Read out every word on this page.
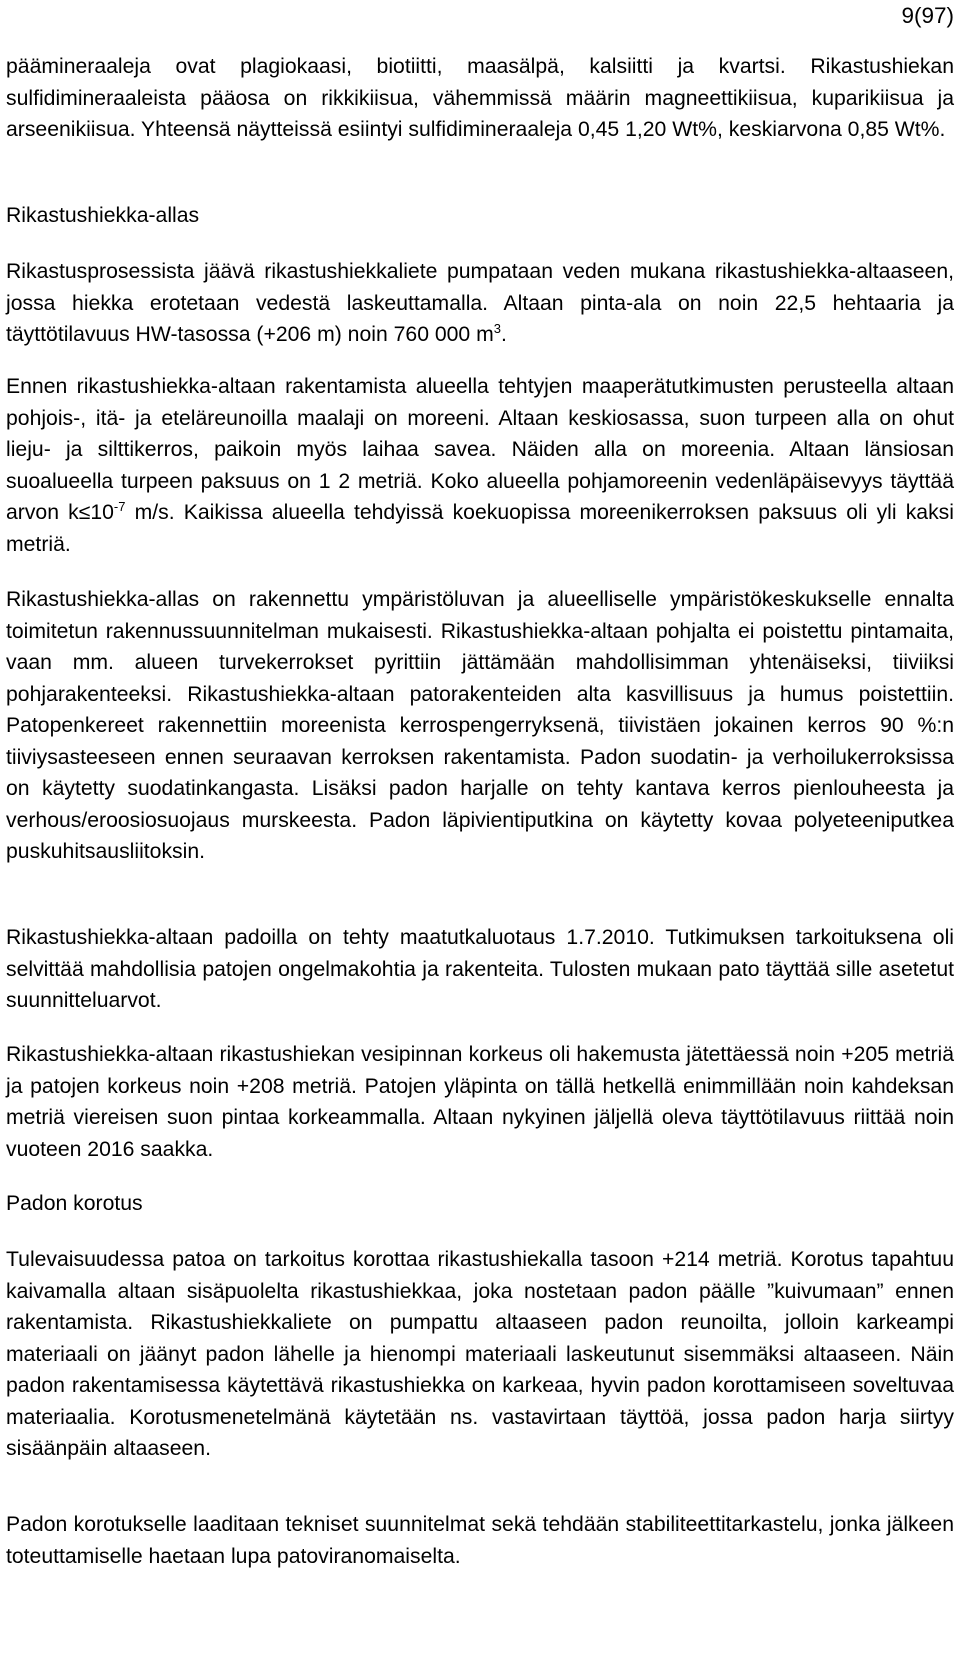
9(97)

päämineraaleja ovat plagiokaasi, biotiitti, maasälpä, kalsiitti ja kvartsi. Rikastushiekan sulfidimineraaleista pääosa on rikkikiisua, vähemmissä määrin magneettikiisua, kuparikiisua ja arseenikiisua. Yhteensä näytteissä esiintyi sulfidimineraaleja 0,45 1,20 Wt%, keskiarvona 0,85 Wt%.

Rikastushiekka-allas

Rikastusprosessista jäävä rikastushiekkaliete pumpataan veden mukana rikastushiekka-altaaseen, jossa hiekka erotetaan vedestä laskeuttamalla. Altaan pinta-ala on noin 22,5 hehtaaria ja täyttötilavuus HW-tasossa (+206 m) noin 760 000 $m^3$.

Ennen rikastushiekka-altaan rakentamista alueella tehtyjen maaperätutkimusten perusteella altaan pohjois-, itä- ja eteläreunoilla maalaji on moreeni. Altaan keskiosassa, suon turpeen alla on ohut lieju- ja silttikerros, paikoin myös laihaa savea. Näiden alla on moreenia. Altaan länsiosan suoalueella turpeen paksuus on 1 2 metriä. Koko alueella pohjamoreenin vedenläpäisevyys täyttää arvon $k\le 10^{-7}$ m/s. Kaikissa alueella tehdyissä koekuopissa moreenikerroksen paksuus oli yli kaksi metriä.

Rikastushiekka-allas on rakennettu ympäristöluvan ja alueelliselle ympäristökeskukselle ennalta toimitetun rakennussuunnitelman mukaisesti. Rikastushiekka-altaan pohjalta ei poistettu pintamaita, vaan mm. alueen turvekerrokset pyrittiin jättämään mahdollisimman yhtenäiseksi, tiiviiksi pohjarakenteeksi. Rikastushiekka-altaan patorakenteiden alta kasvillisuus ja humus poistettiin. Patopenkereet rakennettiin moreenista kerrospengerryksenä, tiivistäen jokainen kerros 90 %:n tiiviysasteeseen ennen seuraavan kerroksen rakentamista. Padon suodatin- ja verhoilukerroksissa on käytetty suodatinkangasta. Lisäksi padon harjalle on tehty kantava kerros pienlouheesta ja verhous/eroosiosuojaus murskeesta. Padon läpivientiputkina on käytetty kovaa polyeteeniputkea puskuhitsausliitoksin.

Rikastushiekka-altaan padoilla on tehty maatutkaluotaus 1.7.2010. Tutkimuksen tarkoituksena oli selvittää mahdollisia patojen ongelmakohtia ja rakenteita. Tulosten mukaan pato täyttää sille asetetut suunnitteluarvot.

Rikastushiekka-altaan rikastushiekan vesipinnan korkeus oli hakemusta jätettäessä noin +205 metriä ja patojen korkeus noin +208 metriä. Patojen yläpinta on tällä hetkellä enimmillään noin kahdeksan metriä viereisen suon pintaa korkeammalla. Altaan nykyinen jäljellä oleva täyttötilavuus riittää noin vuoteen 2016 saakka.

Padon korotus

Tulevaisuudessa patoa on tarkoitus korottaa rikastushiekalla tasoon +214 metriä. Korotus tapahtuu kaivamalla altaan sisäpuolelta rikastushiekkaa, joka nostetaan padon päälle ”kuivumaan” ennen rakentamista. Rikastushiekkaliete on pumpattu altaaseen padon reunoilta, jolloin karkeampi materiaali on jäänyt padon lähelle ja hienompi materiaali laskeutunut sisemmäksi altaaseen. Näin padon rakentamisessa käytettävä rikastushiekka on karkeaa, hyvin padon korottamiseen soveltuvaa materiaalia. Korotusmenetelmänä käytetään ns. vastavirtaan täyttöä, jossa padon harja siirtyy sisäänpäin altaaseen.

Padon korotukselle laaditaan tekniset suunnitelmat sekä tehdään stabiliteettitarkastelu, jonka jälkeen toteuttamiselle haetaan lupa patoviranomaiselta.
